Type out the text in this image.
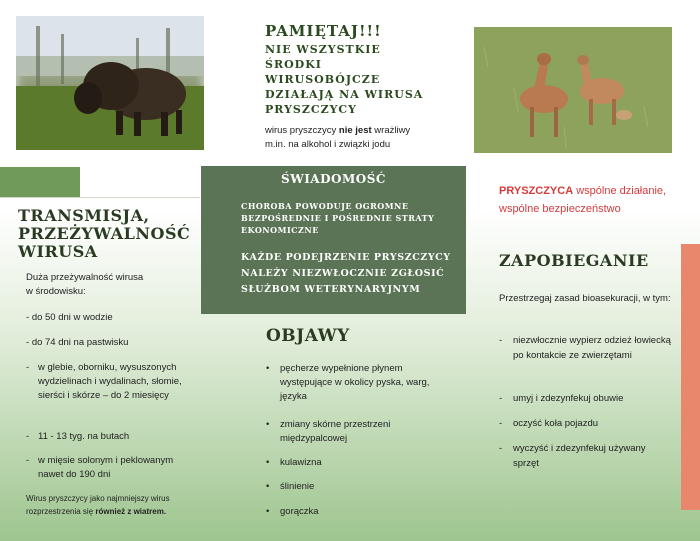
PAMIĘTAJ!!!
NIE WSZYSTKIE
ŚRODKI
WIRUSOBÓJCZE
DZIAŁAJĄ NA WIRUSA
PRYSZCZYCY
wirus pryszczycy nie jest wrażliwy
m.in. na alkohol i związki jodu
ŚWIADOMOŚĆ
CHOROBA POWODUJE OGROMNE BEZPOŚREDNIE I POŚREDNIE STRATY EKONOMICZNE
KAŻDE PODEJRZENIE PRYSZCZYCY NALEŻY NIEZWŁOCZNIE ZGŁOSIĆ SŁUŻBOM WETERYNARYJNYM
TRANSMISJA,
PRZEŻYWALNOŚĆ
WIRUSA
Duża przeżywalność wirusa
w środowisku:
- do 50 dni w wodzie
- do 74 dni na pastwisku
- w glebie, oborniku, wysuszonych wydzielinach i wydalinach, słomie, sierści i skórze – do 2 miesięcy
- 11 - 13 tyg. na butach
- w mięsie solonym i peklowanym nawet do 190 dni
Wirus pryszczycy jako najmniejszy wirus rozprzestrzenia się również z wiatrem.
OBJAWY
•	pęcherze wypełnione płynem występujące w okolicy pyska, warg, języka
•	zmiany skórne przestrzeni międzypalcowej
•	kulawizna
•	ślinienie
•	gorączka
PRYSZCZYCA wspólne działanie, wspólne bezpieczeństwo
ZAPOBIEGANIE
Przestrzegaj zasad bioasekuracji, w tym:
-	niezwłocznie wypierz odzież łowiecką po kontakcie ze zwierzętami
-	umyj i zdezynfekuj obuwie
-	oczyść koła pojazdu
-	wyczyść i zdezynfekuj używany sprzęt
